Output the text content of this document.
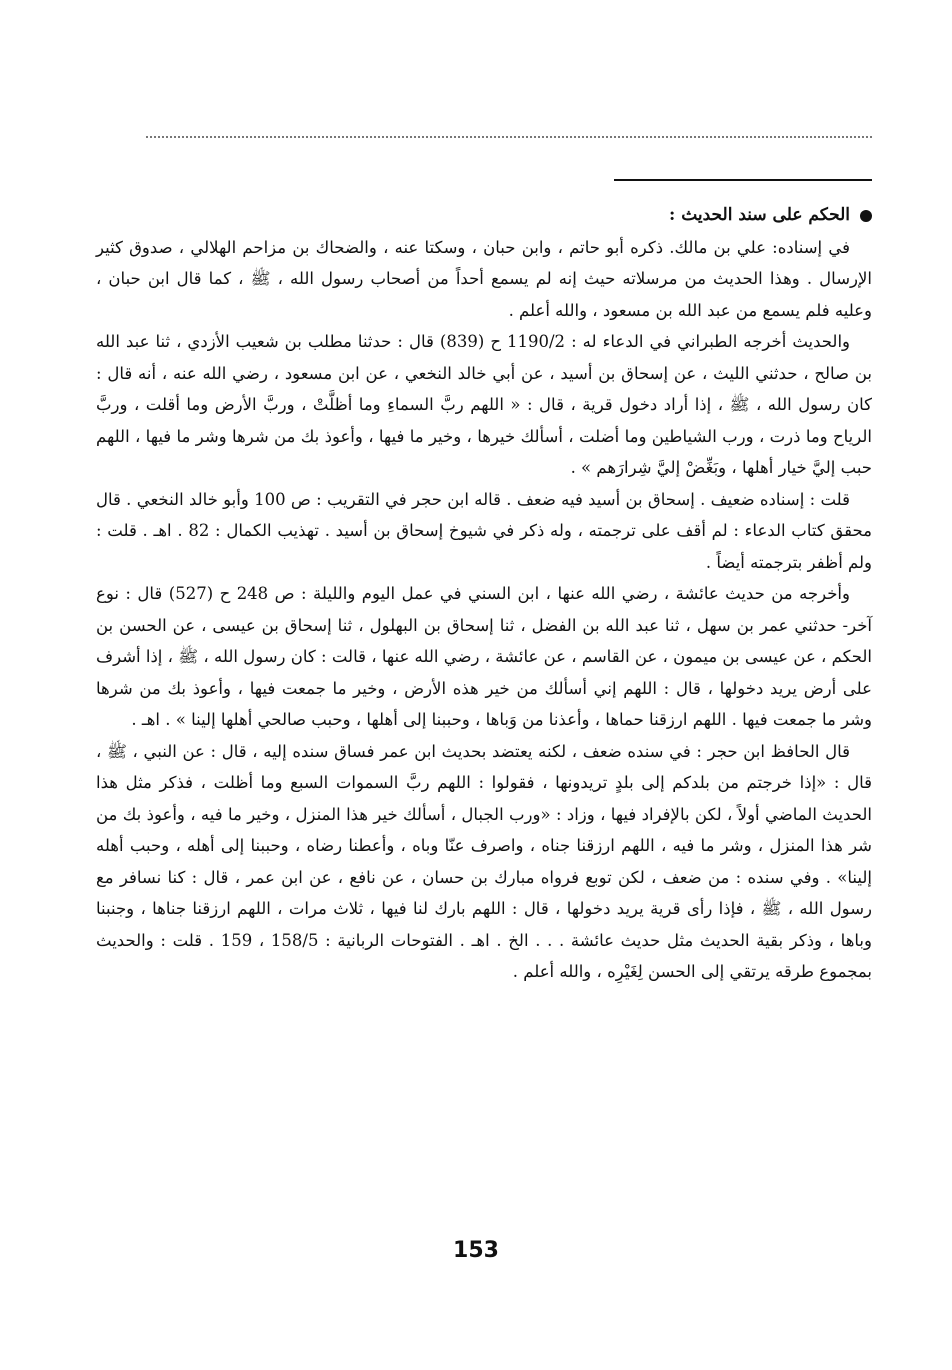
الحكم على سند الحديث :

في إسناده: علي بن مالك. ذكره أبو حاتم ، وابن حبان ، وسكتا عنه ، والضحاك بن مزاحم الهلالي ، صدوق كثير الإرسال . وهذا الحديث من مرسلاته حيث إنه لم يسمع أحداً من أصحاب رسول الله ، ﷺ ، كما قال ابن حبان ، وعليه فلم يسمع من عبد الله بن مسعود ، والله أعلم .

والحديث أخرجه الطبراني في الدعاء له : 1190/2 ح (839) قال : حدثنا مطلب بن شعيب الأزدي ، ثنا عبد الله بن صالح ، حدثني الليث ، عن إسحاق بن أسيد ، عن أبي خالد النخعي ، عن ابن مسعود ، رضي الله عنه ، أنه قال : كان رسول الله ، ﷺ ، إذا أراد دخول قرية ، قال : « اللهم ربَّ السماءِ وما أظلَّتْ ، وربَّ الأرض وما أقلت ، وربَّ الرياح وما ذرت ، ورب الشياطين وما أضلت ، أسألك خيرها ، وخير ما فيها ، وأعوذ بك من شرها وشر ما فيها ، اللهم حبب إليَّ خيار أهلها ، وبَغِّضْ إليَّ شِرارَهم » .

قلت : إسناده ضعيف . إسحاق بن أسيد فيه ضعف . قاله ابن حجر في التقريب : ص 100 وأبو خالد النخعي . قال محقق كتاب الدعاء : لم أقف على ترجمته ، وله ذكر في شيوخ إسحاق بن أسيد . تهذيب الكمال : 82 . اهـ . قلت : ولم أظفر بترجمته أيضاً .

وأخرجه من حديث عائشة ، رضي الله عنها ، ابن السني في عمل اليوم والليلة : ص 248 ح (527) قال : نوع آخر- حدثني عمر بن سهل ، ثنا عبد الله بن الفضل ، ثنا إسحاق بن البهلول ، ثنا إسحاق بن عيسى ، عن الحسن بن الحكم ، عن عيسى بن ميمون ، عن القاسم ، عن عائشة ، رضي الله عنها ، قالت : كان رسول الله ، ﷺ ، إذا أشرف على أرض يريد دخولها ، قال : اللهم إني أسألك من خير هذه الأرض ، وخير ما جمعت فيها ، وأعوذ بك من شرها وشر ما جمعت فيها . اللهم ارزقنا حماها ، وأعذنا من وَباها ، وحببنا إلى أهلها ، وحبب صالحي أهلها إلينا » . اهـ .

قال الحافظ ابن حجر : في سنده ضعف ، لكنه يعتضد بحديث ابن عمر فساق سنده إليه ، قال : عن النبي ، ﷺ ، قال : «إذا خرجتم من بلدكم إلى بلدٍ تريدونها ، فقولوا : اللهم ربَّ السموات السبع وما أظلت ، فذكر مثل هذا الحديث الماضي أولاً ، لكن بالإفراد فيها ، وزاد : «ورب الجبال ، أسألك خير هذا المنزل ، وخير ما فيه ، وأعوذ بك من شر هذا المنزل ، وشر ما فيه ، اللهم ارزقنا جناه ، واصرف عنّا وباه ، وأعطنا رضاه ، وحببنا إلى أهله ، وحبب أهله إلينا» . وفي سنده : من ضعف ، لكن توبع فرواه مبارك بن حسان ، عن نافع ، عن ابن عمر ، قال : كنا نسافر مع رسول الله ، ﷺ ، فإذا رأى قرية يريد دخولها ، قال : اللهم بارك لنا فيها ، ثلاث مرات ، اللهم ارزقنا جناها ، وجنبنا وباها ، وذكر بقية الحديث مثل حديث عائشة . . . الخ . اهـ . الفتوحات الربانية : 158/5 ، 159 . قلت : والحديث بمجموع طرقه يرتقي إلى الحسن لِغَيْرِه ، والله أعلم .

153
